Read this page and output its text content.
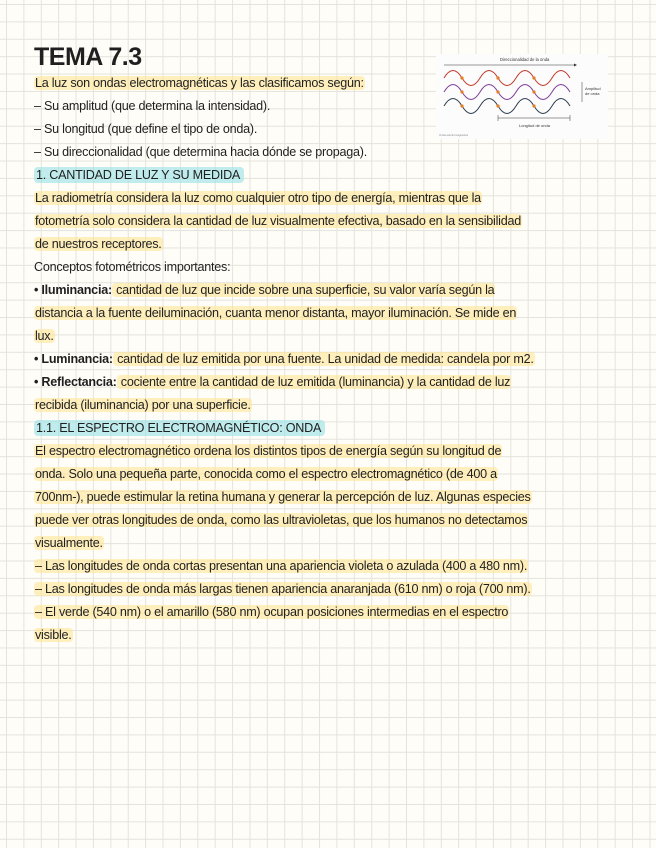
Direccionalidad de la onda
Amplitud
de onda
Longitud de onda
Onda electromagnética
TEMA 7.3

La luz son ondas electromagnéticas y las clasificamos según:

– Su amplitud (que determina la intensidad).

– Su longitud (que define el tipo de onda).

– Su direccionalidad (que determina hacia dónde se propaga).

1. CANTIDAD DE LUZ Y SU MEDIDA

La radiometría considera la luz como cualquier otro tipo de energía, mientras que la

fotometría solo considera la cantidad de luz visualmente efectiva, basado en la sensibilidad

de nuestros receptores.

Conceptos fotométricos importantes:

• Iluminancia: cantidad de luz que incide sobre una superficie, su valor varía según la

distancia a la fuente deiluminación, cuanta menor distanta, mayor iluminación. Se mide en

lux.

• Luminancia: cantidad de luz emitida por una fuente. La unidad de medida: candela por m2.

• Reflectancia: cociente entre la cantidad de luz emitida (luminancia) y la cantidad de luz

recibida (iluminancia) por una superficie.

1.1. EL ESPECTRO ELECTROMAGNÉTICO: ONDA

El espectro electromagnético ordena los distintos tipos de energía según su longitud de

onda. Solo una pequeña parte, conocida como el espectro electromagnético (de 400 a

700nm-), puede estimular la retina humana y generar la percepción de luz. Algunas especies

puede ver otras longitudes de onda, como las ultravioletas, que los humanos no detectamos

visualmente.

– Las longitudes de onda cortas presentan una apariencia violeta o azulada (400 a 480 nm).

– Las longitudes de onda más largas tienen apariencia anaranjada (610 nm) o roja (700 nm).

– El verde (540 nm) o el amarillo (580 nm) ocupan posiciones intermedias en el espectro

visible.
